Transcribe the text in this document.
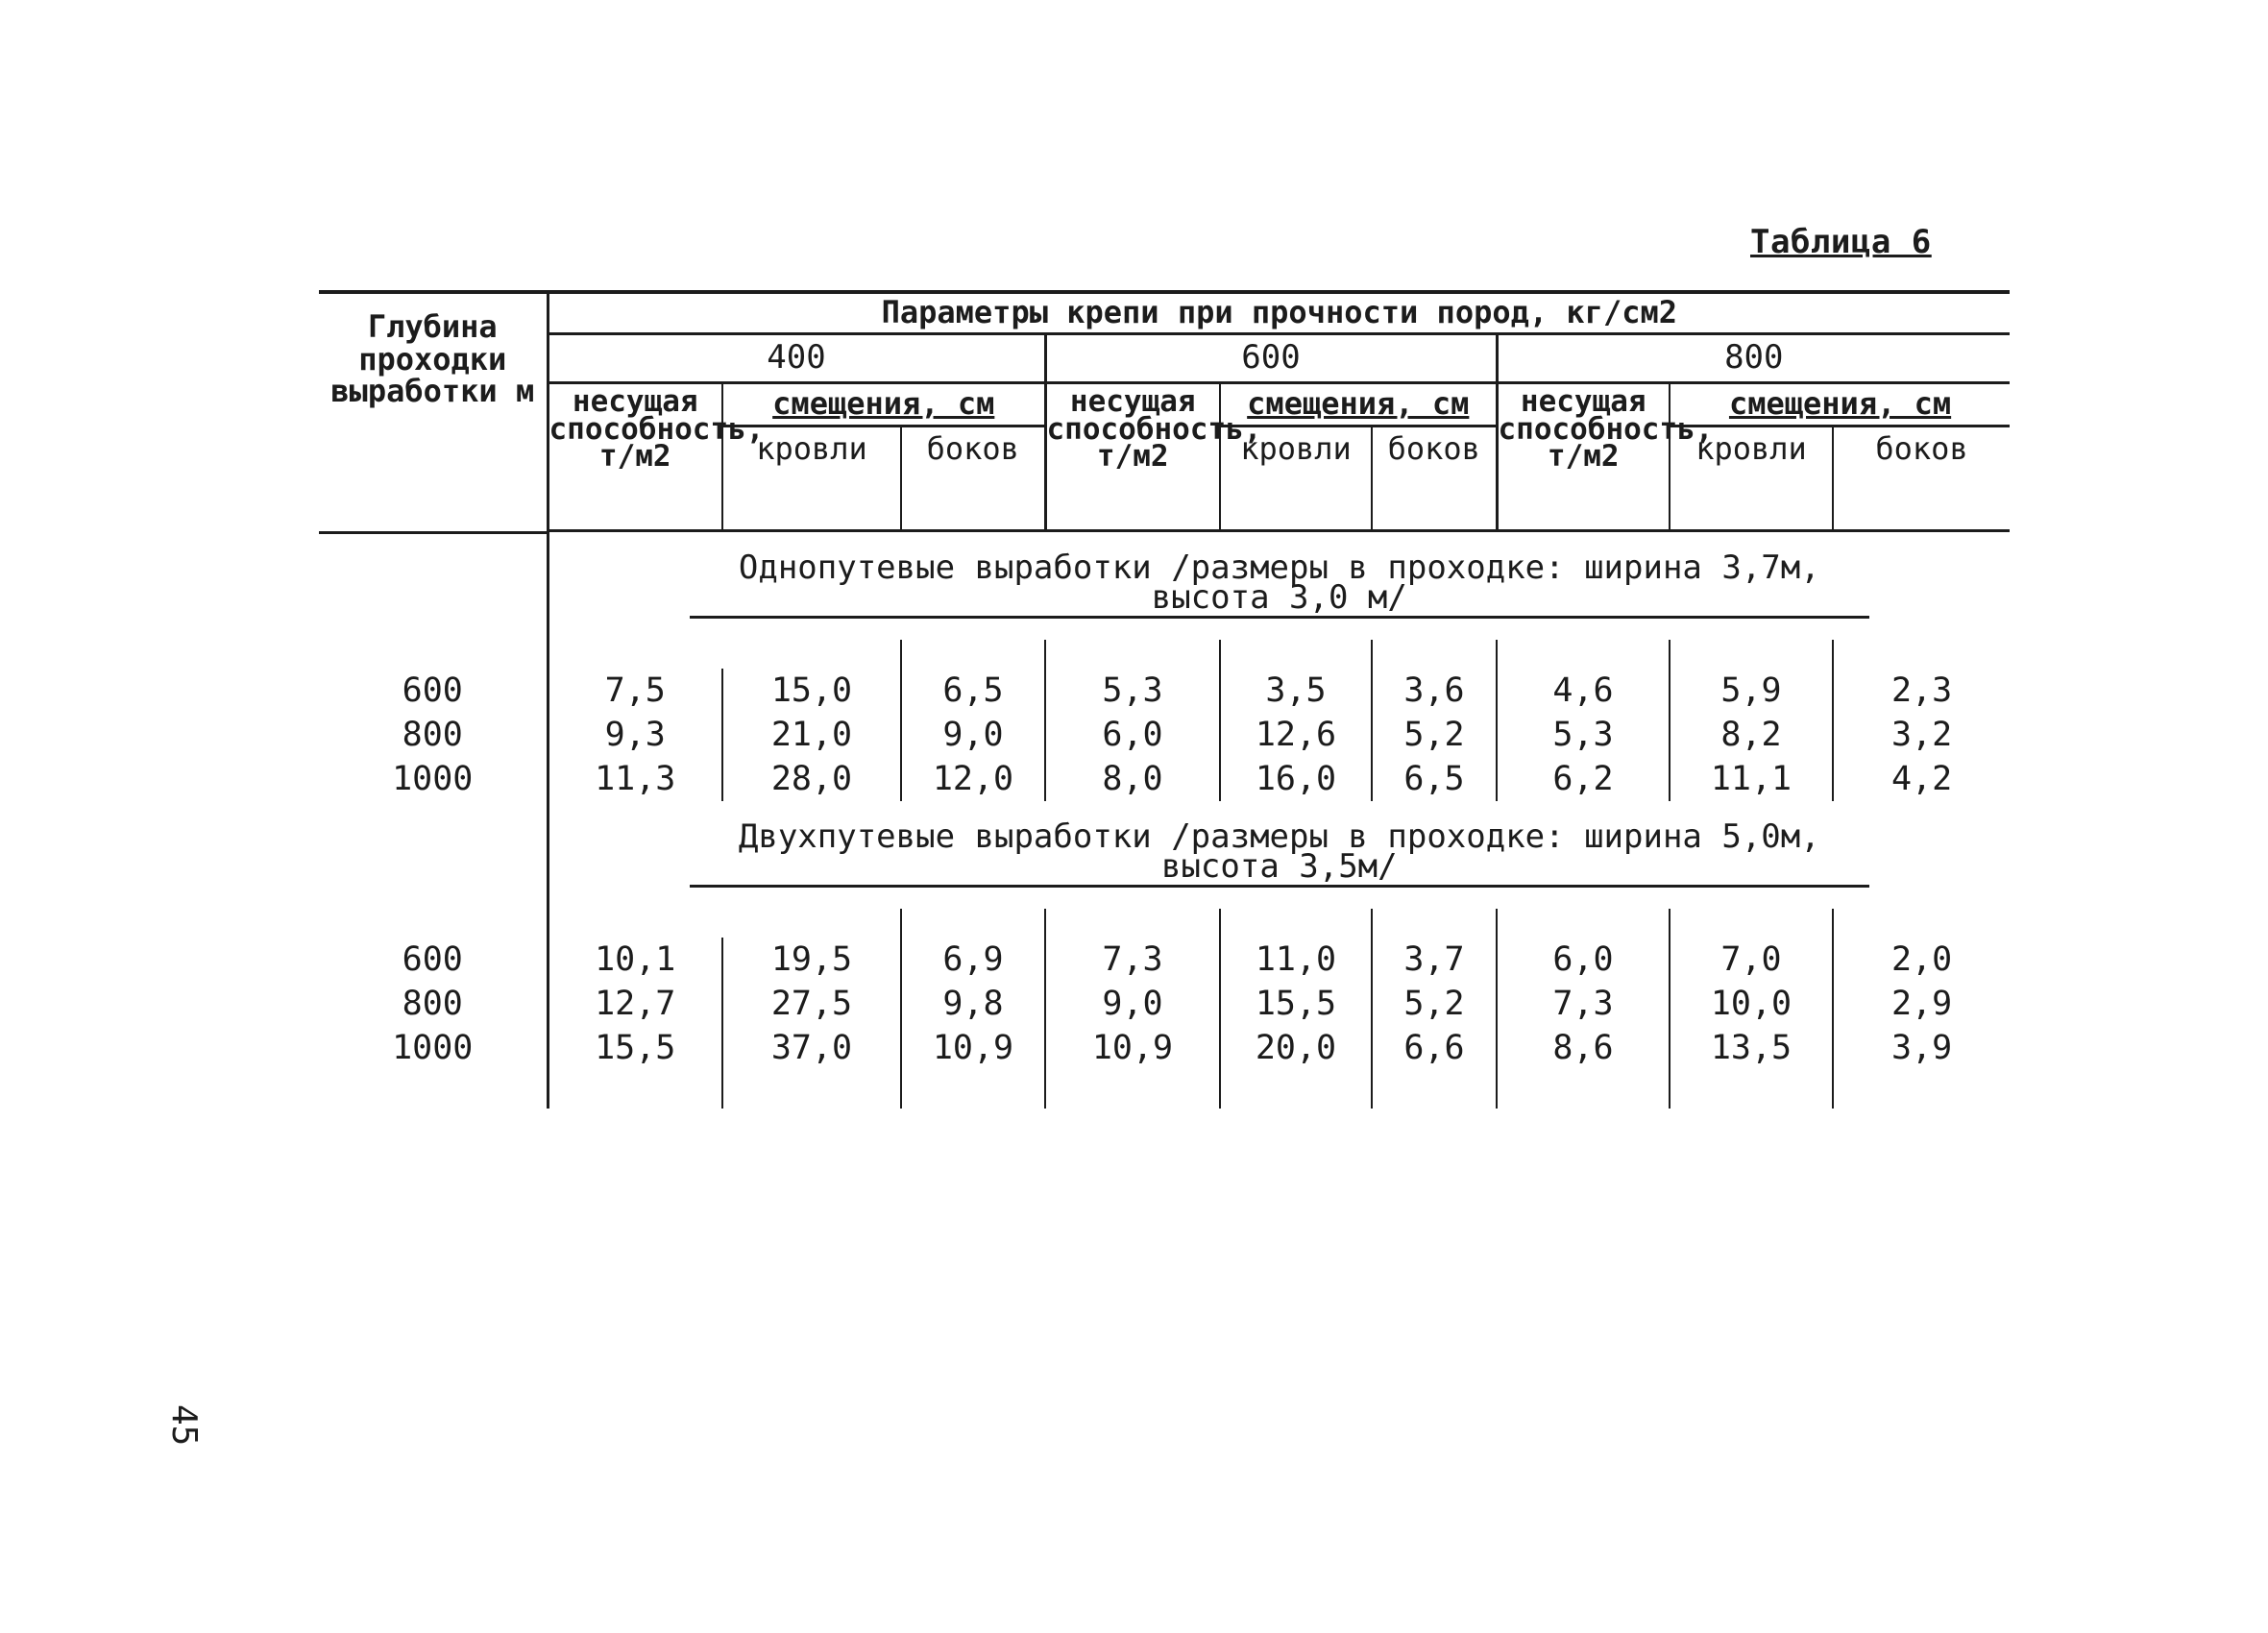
Таблица 6
Глубина проходки выработки м	Параметры крепи при прочности пород, кг/см2								
	400			600			800		
	несущая способность, т/м2	смещения, см		несущая способность, т/м2	смещения, см		несущая способность, т/м2	смещения, см	
		кровли	боков		кровли	боков		кровли	боков

	Однопутевые выработки /размеры в проходке: ширина 3,7м,
высота 3,0 м/								

600	7,5	15,0	6,5	5,3	3,5	3,6	4,6	5,9	2,3
800	9,3	21,0	9,0	6,0	12,6	5,2	5,3	8,2	3,2
1000	11,3	28,0	12,0	8,0	16,0	6,5	6,2	11,1	4,2
	Двухпутевые выработки /размеры в проходке: ширина 5,0м,
высота 3,5м/								

600	10,1	19,5	6,9	7,3	11,0	3,7	6,0	7,0	2,0
800	12,7	27,5	9,8	9,0	15,5	5,2	7,3	10,0	2,9
1000	15,5	37,0	10,9	10,9	20,0	6,6	8,6	13,5	3,9

45
